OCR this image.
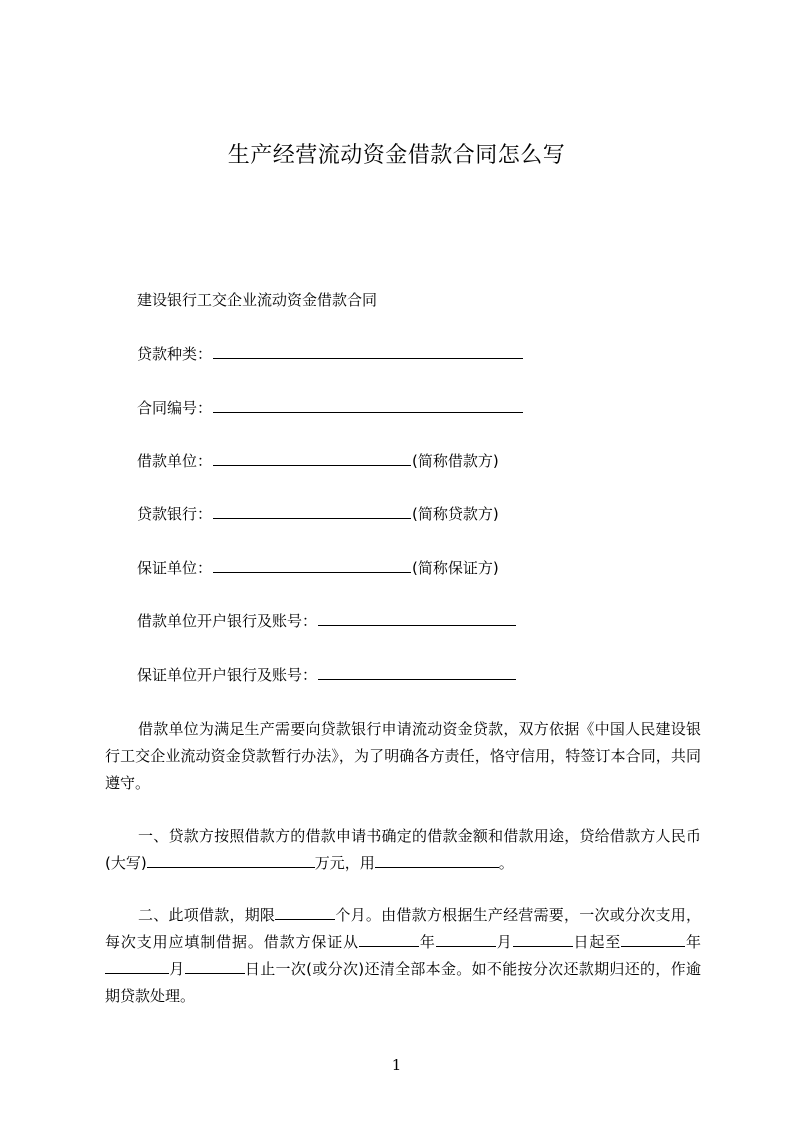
生产经营流动资金借款合同怎么写
建设银行工交企业流动资金借款合同
贷款种类：
合同编号：
借款单位：	(简称借款方)
贷款银行：	(简称贷款方)
保证单位：	(简称保证方)
借款单位开户银行及账号：
保证单位开户银行及账号：
借款单位为满足生产需要向贷款银行申请流动资金贷款，双方依据《中国人民建设银行工交企业流动资金贷款暂行办法》，为了明确各方责任，恪守信用，特签订本合同，共同遵守。
一、贷款方按照借款方的借款申请书确定的借款金额和借款用途，贷给借款方人民币(大写)	万元，用	。
二、此项借款，期限	个月。由借款方根据生产经营需要，一次或分次支用，每次支用应填制借据。借款方保证从	年	月	日起至	年月	日止一次(或分次)还清全部本金。如不能按分次还款期归还的，作逾期贷款处理。
1
